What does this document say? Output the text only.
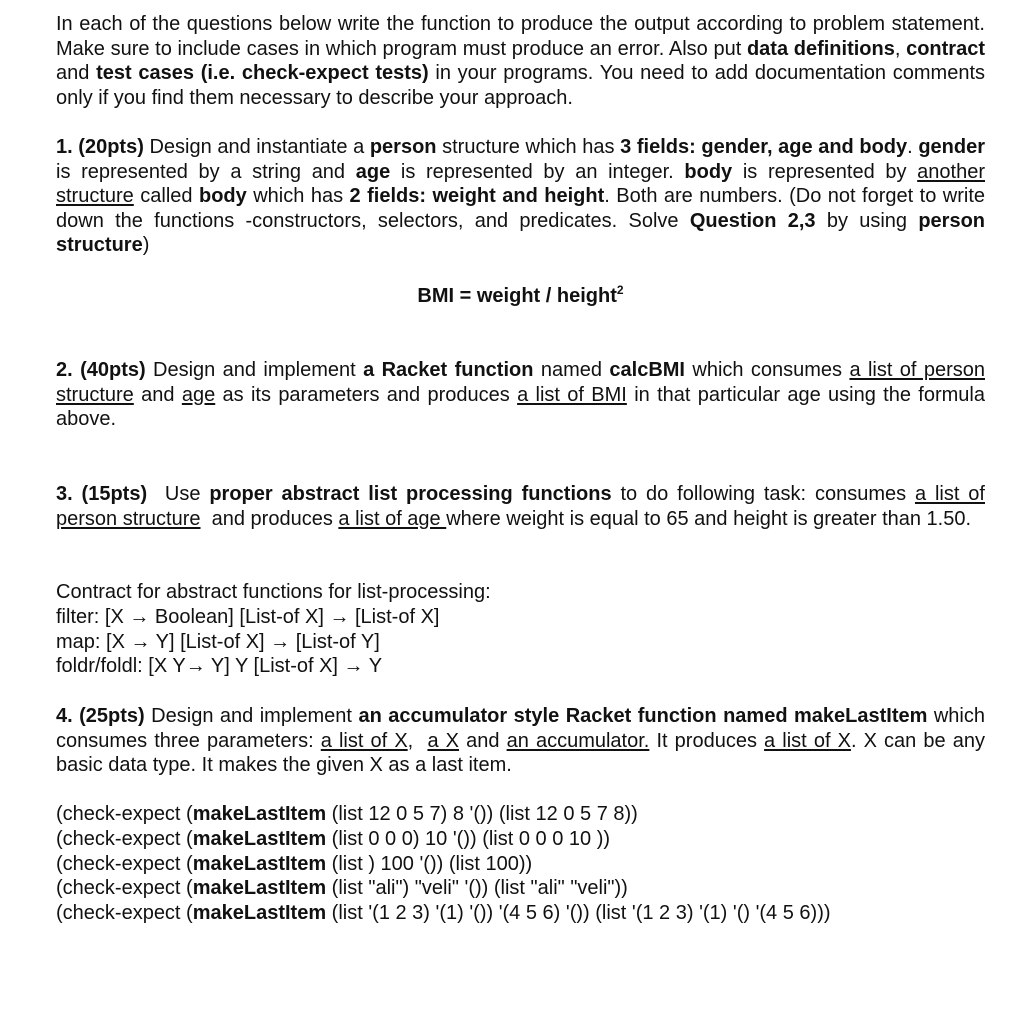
In each of the questions below write the function to produce the output according to problem statement. Make sure to include cases in which program must produce an error. Also put data definitions, contract and test cases (i.e. check-expect tests) in your programs. You need to add documentation comments only if you find them necessary to describe your approach.

1. (20pts) Design and instantiate a person structure which has 3 fields: gender, age and body. gender is represented by a string and age is represented by an integer. body is represented by another structure called body which has 2 fields: weight and height. Both are numbers. (Do not forget to write down the functions -constructors, selectors, and predicates. Solve Question 2,3 by using person structure)

BMI = weight / height$^2$

2. (40pts) Design and implement a Racket function named calcBMI which consumes a list of person structure and age as its parameters and produces a list of BMI in that particular age using the formula above.

3. (15pts)  Use proper abstract list processing functions to do following task: consumes a list of person structure  and produces a list of age where weight is equal to 65 and height is greater than 1.50.

Contract for abstract functions for list-processing:
filter: [X → Boolean] [List-of X] → [List-of X]
map: [X → Y] [List-of X] → [List-of Y]
foldr/foldl: [X Y→ Y] Y [List-of X] → Y

4. (25pts) Design and implement an accumulator style Racket function named makeLastItem which consumes three parameters: a list of X,  a X and an accumulator. It produces a list of X. X can be any basic data type. It makes the given X as a last item.

(check-expect (makeLastItem (list 12 0 5 7) 8 '()) (list 12 0 5 7 8))
(check-expect (makeLastItem (list 0 0 0) 10 '()) (list 0 0 0 10 ))
(check-expect (makeLastItem (list ) 100 '()) (list 100))
(check-expect (makeLastItem (list "ali") "veli" '()) (list "ali" "veli"))
(check-expect (makeLastItem (list '(1 2 3) '(1) '()) '(4 5 6) '()) (list '(1 2 3) '(1) '() '(4 5 6)))
